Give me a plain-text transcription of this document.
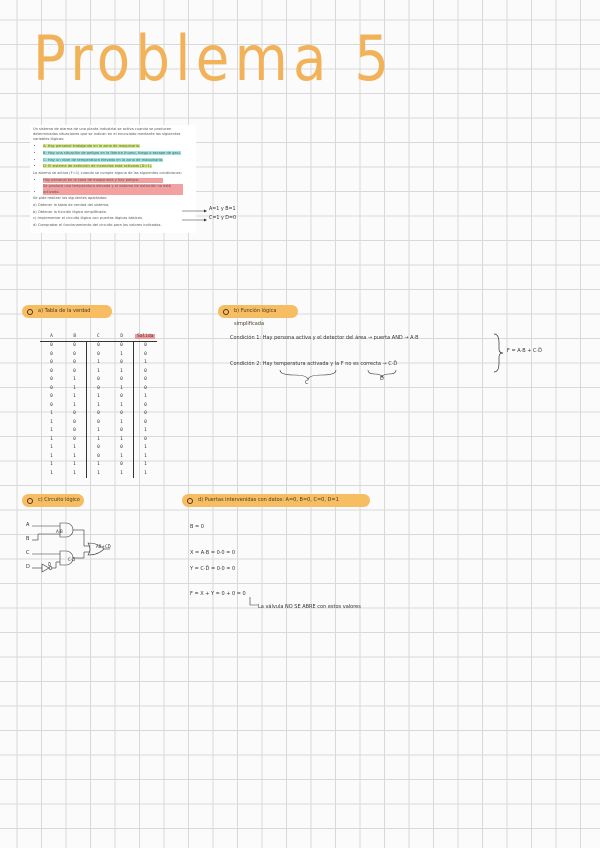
Problema 5

Un sistema de alarma de una planta industrial se activa cuando se producen determinadas situaciones que se indican en el enunciado mediante las siguientes variables lógicas:

• A: Hay personal trabajando en la zona de maquinaria.
• B: Hay una situación de peligro en la fábrica (humo, fuego o escape de gas).
• C: Hay un nivel de temperatura elevado en la zona de maquinaria.
• D: El sistema de extinción de incendios está activado (D=1).

La alarma se activa (F=1) cuando se cumple alguna de las siguientes condiciones:

• Hay personal en la zona de maquinaria y hay peligro.
• Se produce una temperatura elevada y el sistema de extinción no está activado.

Se pide realizar los siguientes apartados:

a) Obtener la tabla de verdad del sistema.

b) Obtener la función lógica simplificada.

c) Implementar el circuito lógico con puertas lógicas básicas.

d) Comprobar el funcionamiento del circuito para los valores indicados.

A=1 y B=1
C=1 y D=0
a) Tabla de la verdad	b) Función lógica simplificada
c) Circuito lógico	d) Puertas intervenidas con datos: A=0, B=0, C=0, D=1
A	B	C	D	Salida
0	0	0	0	0
0	0	0	1	0
0	0	1	0	1
0	0	1	1	0
0	1	0	0	0
0	1	0	1	0
0	1	1	0	1
0	1	1	1	0
1	0	0	0	0
1	0	0	1	0
1	0	1	0	1
1	0	1	1	0
1	1	0	0	1
1	1	0	1	1
1	1	1	0	1
1	1	1	1	1
Condición 1: Hay persona activa y el detector del área → puerta AND → A·B
Condición 2: Hay temperatura activada y la F no es correcta → C·D̄
C
D̄
F = A·B + C·D̄
A
B
C
D
A·B
C·D̄
D̄
AB+CD̄
B = 0
X = A·B = 0·0 = 0
Y = C·D̄ = 0·0 = 0
F = X + Y = 0 + 0 = 0
La válvula NO SE ABRE con estos valores
